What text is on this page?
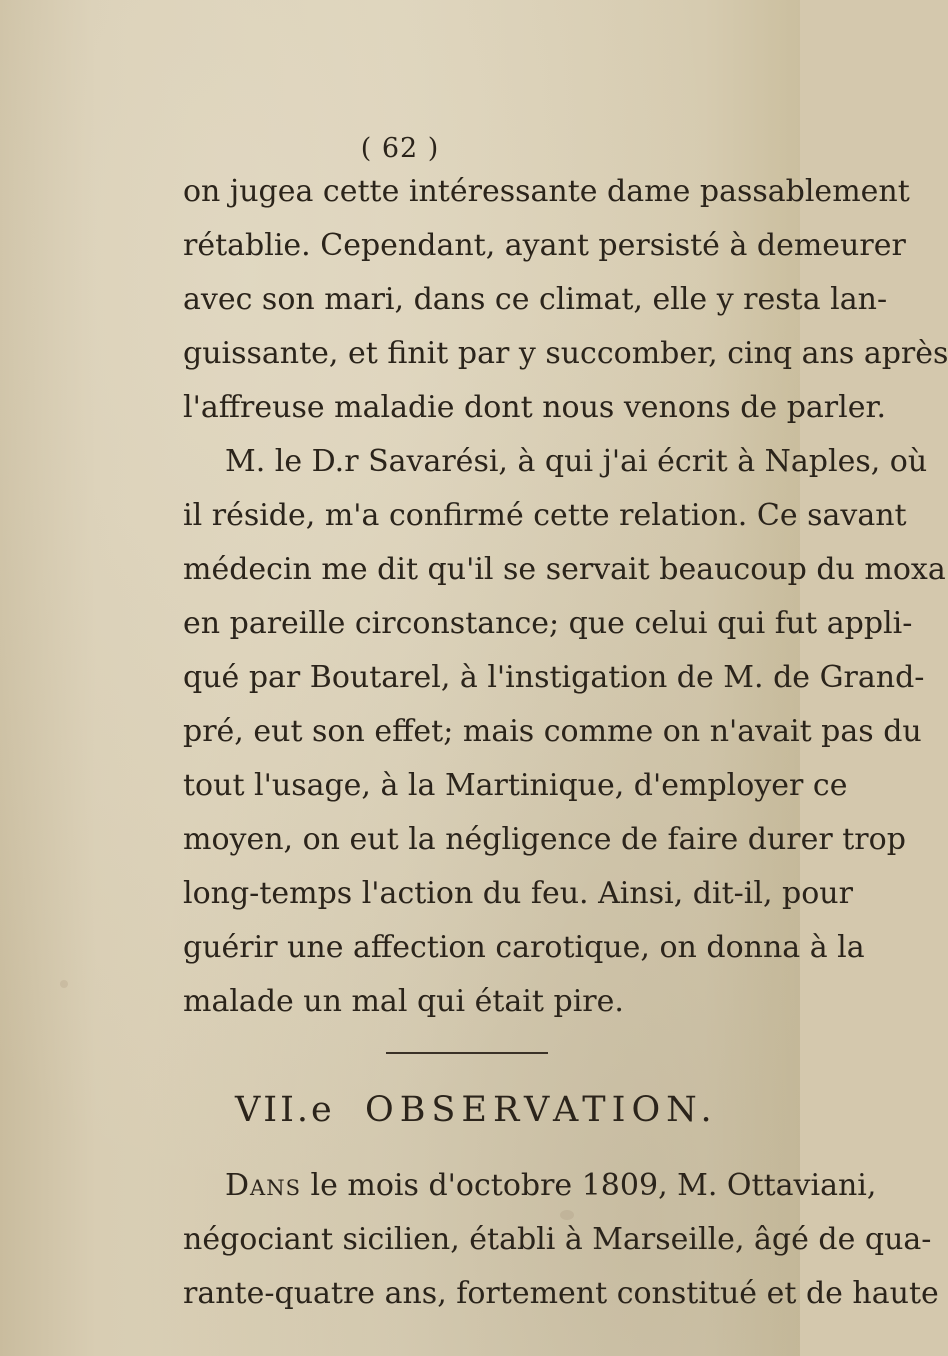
( 62 )
on jugea cette intéressante dame passablement
rétablie. Cependant, ayant persisté à demeurer
avec son mari, dans ce climat, elle y resta lan-
guissante, et finit par y succomber, cinq ans après
l'affreuse maladie dont nous venons de parler.
M. le D.r Savarési, à qui j'ai écrit à Naples, où
il réside, m'a confirmé cette relation. Ce savant
médecin me dit qu'il se servait beaucoup du moxa
en pareille circonstance; que celui qui fut appli-
qué par Boutarel, à l'instigation de M. de Grand-
pré, eut son effet; mais comme on n'avait pas du
tout l'usage, à la Martinique, d'employer ce
moyen, on eut la négligence de faire durer trop
long-temps l'action du feu. Ainsi, dit-il, pour
guérir une affection carotique, on donna à la
malade un mal qui était pire.
VII.e OBSERVATION.
Dans le mois d'octobre 1809, M. Ottaviani,
négociant sicilien, établi à Marseille, âgé de qua-
rante-quatre ans, fortement constitué et de haute
